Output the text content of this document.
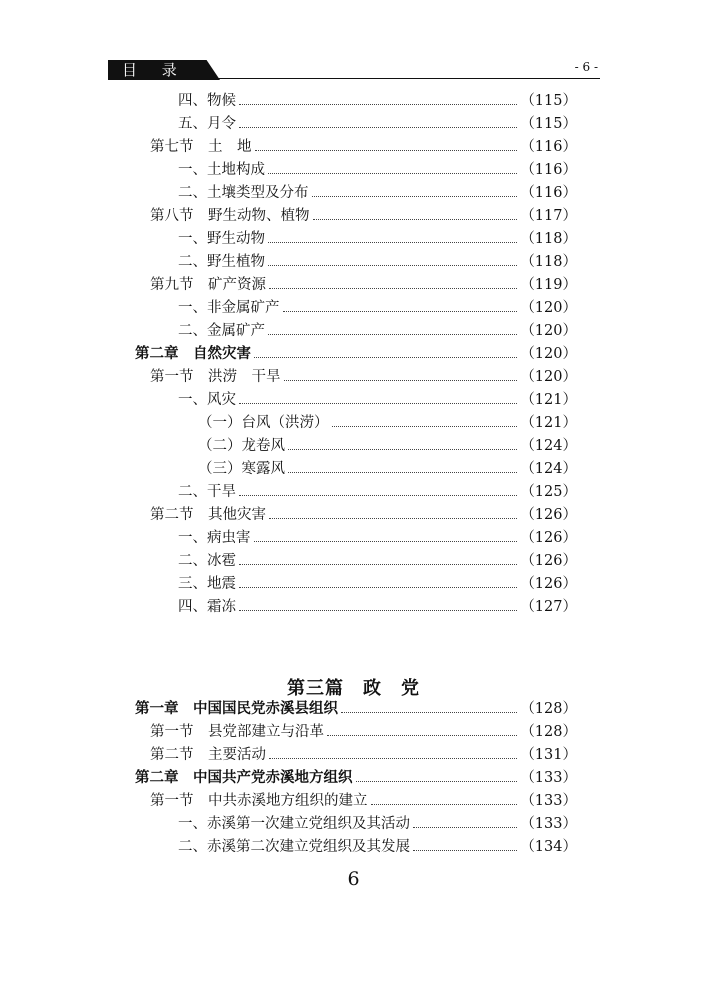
目 录	- 6 -
四、物候	（115）
五、月令	（115）
第七节　土　地	（116）
一、土地构成	（116）
二、土壤类型及分布	（116）
第八节　野生动物、植物	（117）
一、野生动物	（118）
二、野生植物	（118）
第九节　矿产资源	（119）
一、非金属矿产	（120）
二、金属矿产	（120）
第二章　自然灾害	（120）
第一节　洪涝　干旱	（120）
一、风灾	（121）
（一）台风（洪涝）	（121）
（二）龙卷风	（124）
（三）寒露风	（124）
二、干旱	（125）
第二节　其他灾害	（126）
一、病虫害	（126）
二、冰雹	（126）
三、地震	（126）
四、霜冻	（127）
第一章　中国国民党赤溪县组织	（128）
第一节　县党部建立与沿革	（128）
第二节　主要活动	（131）
第二章　中国共产党赤溪地方组织	（133）
第一节　中共赤溪地方组织的建立	（133）
一、赤溪第一次建立党组织及其活动	（133）
二、赤溪第二次建立党组织及其发展	（134）
第三篇　政　党
6
